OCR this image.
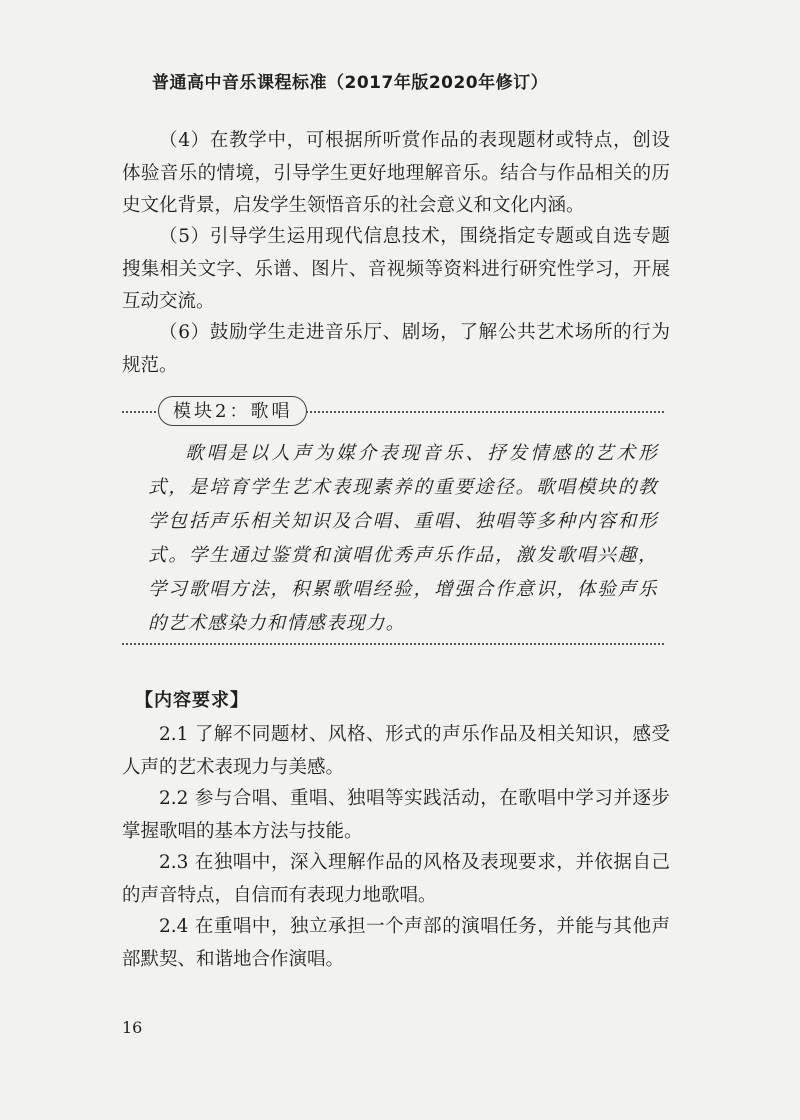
普通高中音乐课程标准（2017年版2020年修订）

（4）在教学中，可根据所听赏作品的表现题材或特点，创设体验音乐的情境，引导学生更好地理解音乐。结合与作品相关的历史文化背景，启发学生领悟音乐的社会意义和文化内涵。

（5）引导学生运用现代信息技术，围绕指定专题或自选专题搜集相关文字、乐谱、图片、音视频等资料进行研究性学习，开展互动交流。

（6）鼓励学生走进音乐厅、剧场，了解公共艺术场所的行为规范。

模块2：歌唱

歌唱是以人声为媒介表现音乐、抒发情感的艺术形式，是培育学生艺术表现素养的重要途径。歌唱模块的教学包括声乐相关知识及合唱、重唱、独唱等多种内容和形式。学生通过鉴赏和演唱优秀声乐作品，激发歌唱兴趣，学习歌唱方法，积累歌唱经验，增强合作意识，体验声乐的艺术感染力和情感表现力。

【内容要求】

2.1 了解不同题材、风格、形式的声乐作品及相关知识，感受人声的艺术表现力与美感。

2.2 参与合唱、重唱、独唱等实践活动，在歌唱中学习并逐步掌握歌唱的基本方法与技能。

2.3 在独唱中，深入理解作品的风格及表现要求，并依据自己的声音特点，自信而有表现力地歌唱。

2.4 在重唱中，独立承担一个声部的演唱任务，并能与其他声部默契、和谐地合作演唱。

16
